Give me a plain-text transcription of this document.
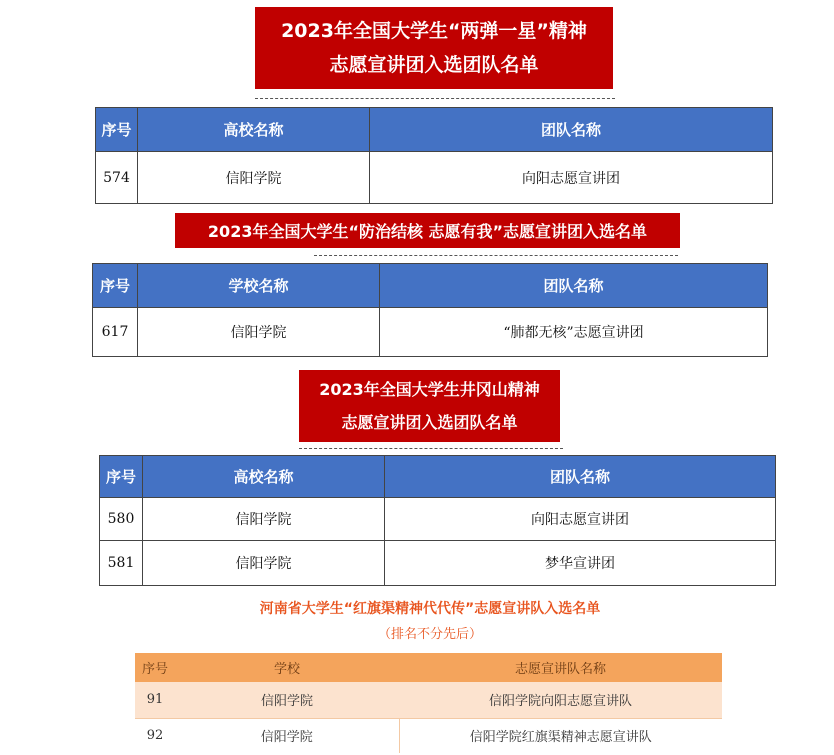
2023年全国大学生“两弹一星”精神
志愿宣讲团入选团队名单
序号	高校名称	团队名称
574	信阳学院	向阳志愿宣讲团
2023年全国大学生“防治结核 志愿有我”志愿宣讲团入选名单
序号	学校名称	团队名称
617	信阳学院	“肺都无核”志愿宣讲团
2023年全国大学生井冈山精神
志愿宣讲团入选团队名单
序号	高校名称	团队名称
580	信阳学院	向阳志愿宣讲团
581	信阳学院	梦华宣讲团
河南省大学生“红旗渠精神代代传”志愿宣讲队入选名单
（排名不分先后）
序号	学校	志愿宣讲队名称
91	信阳学院	信阳学院向阳志愿宣讲队
92	信阳学院	信阳学院红旗渠精神志愿宣讲队
